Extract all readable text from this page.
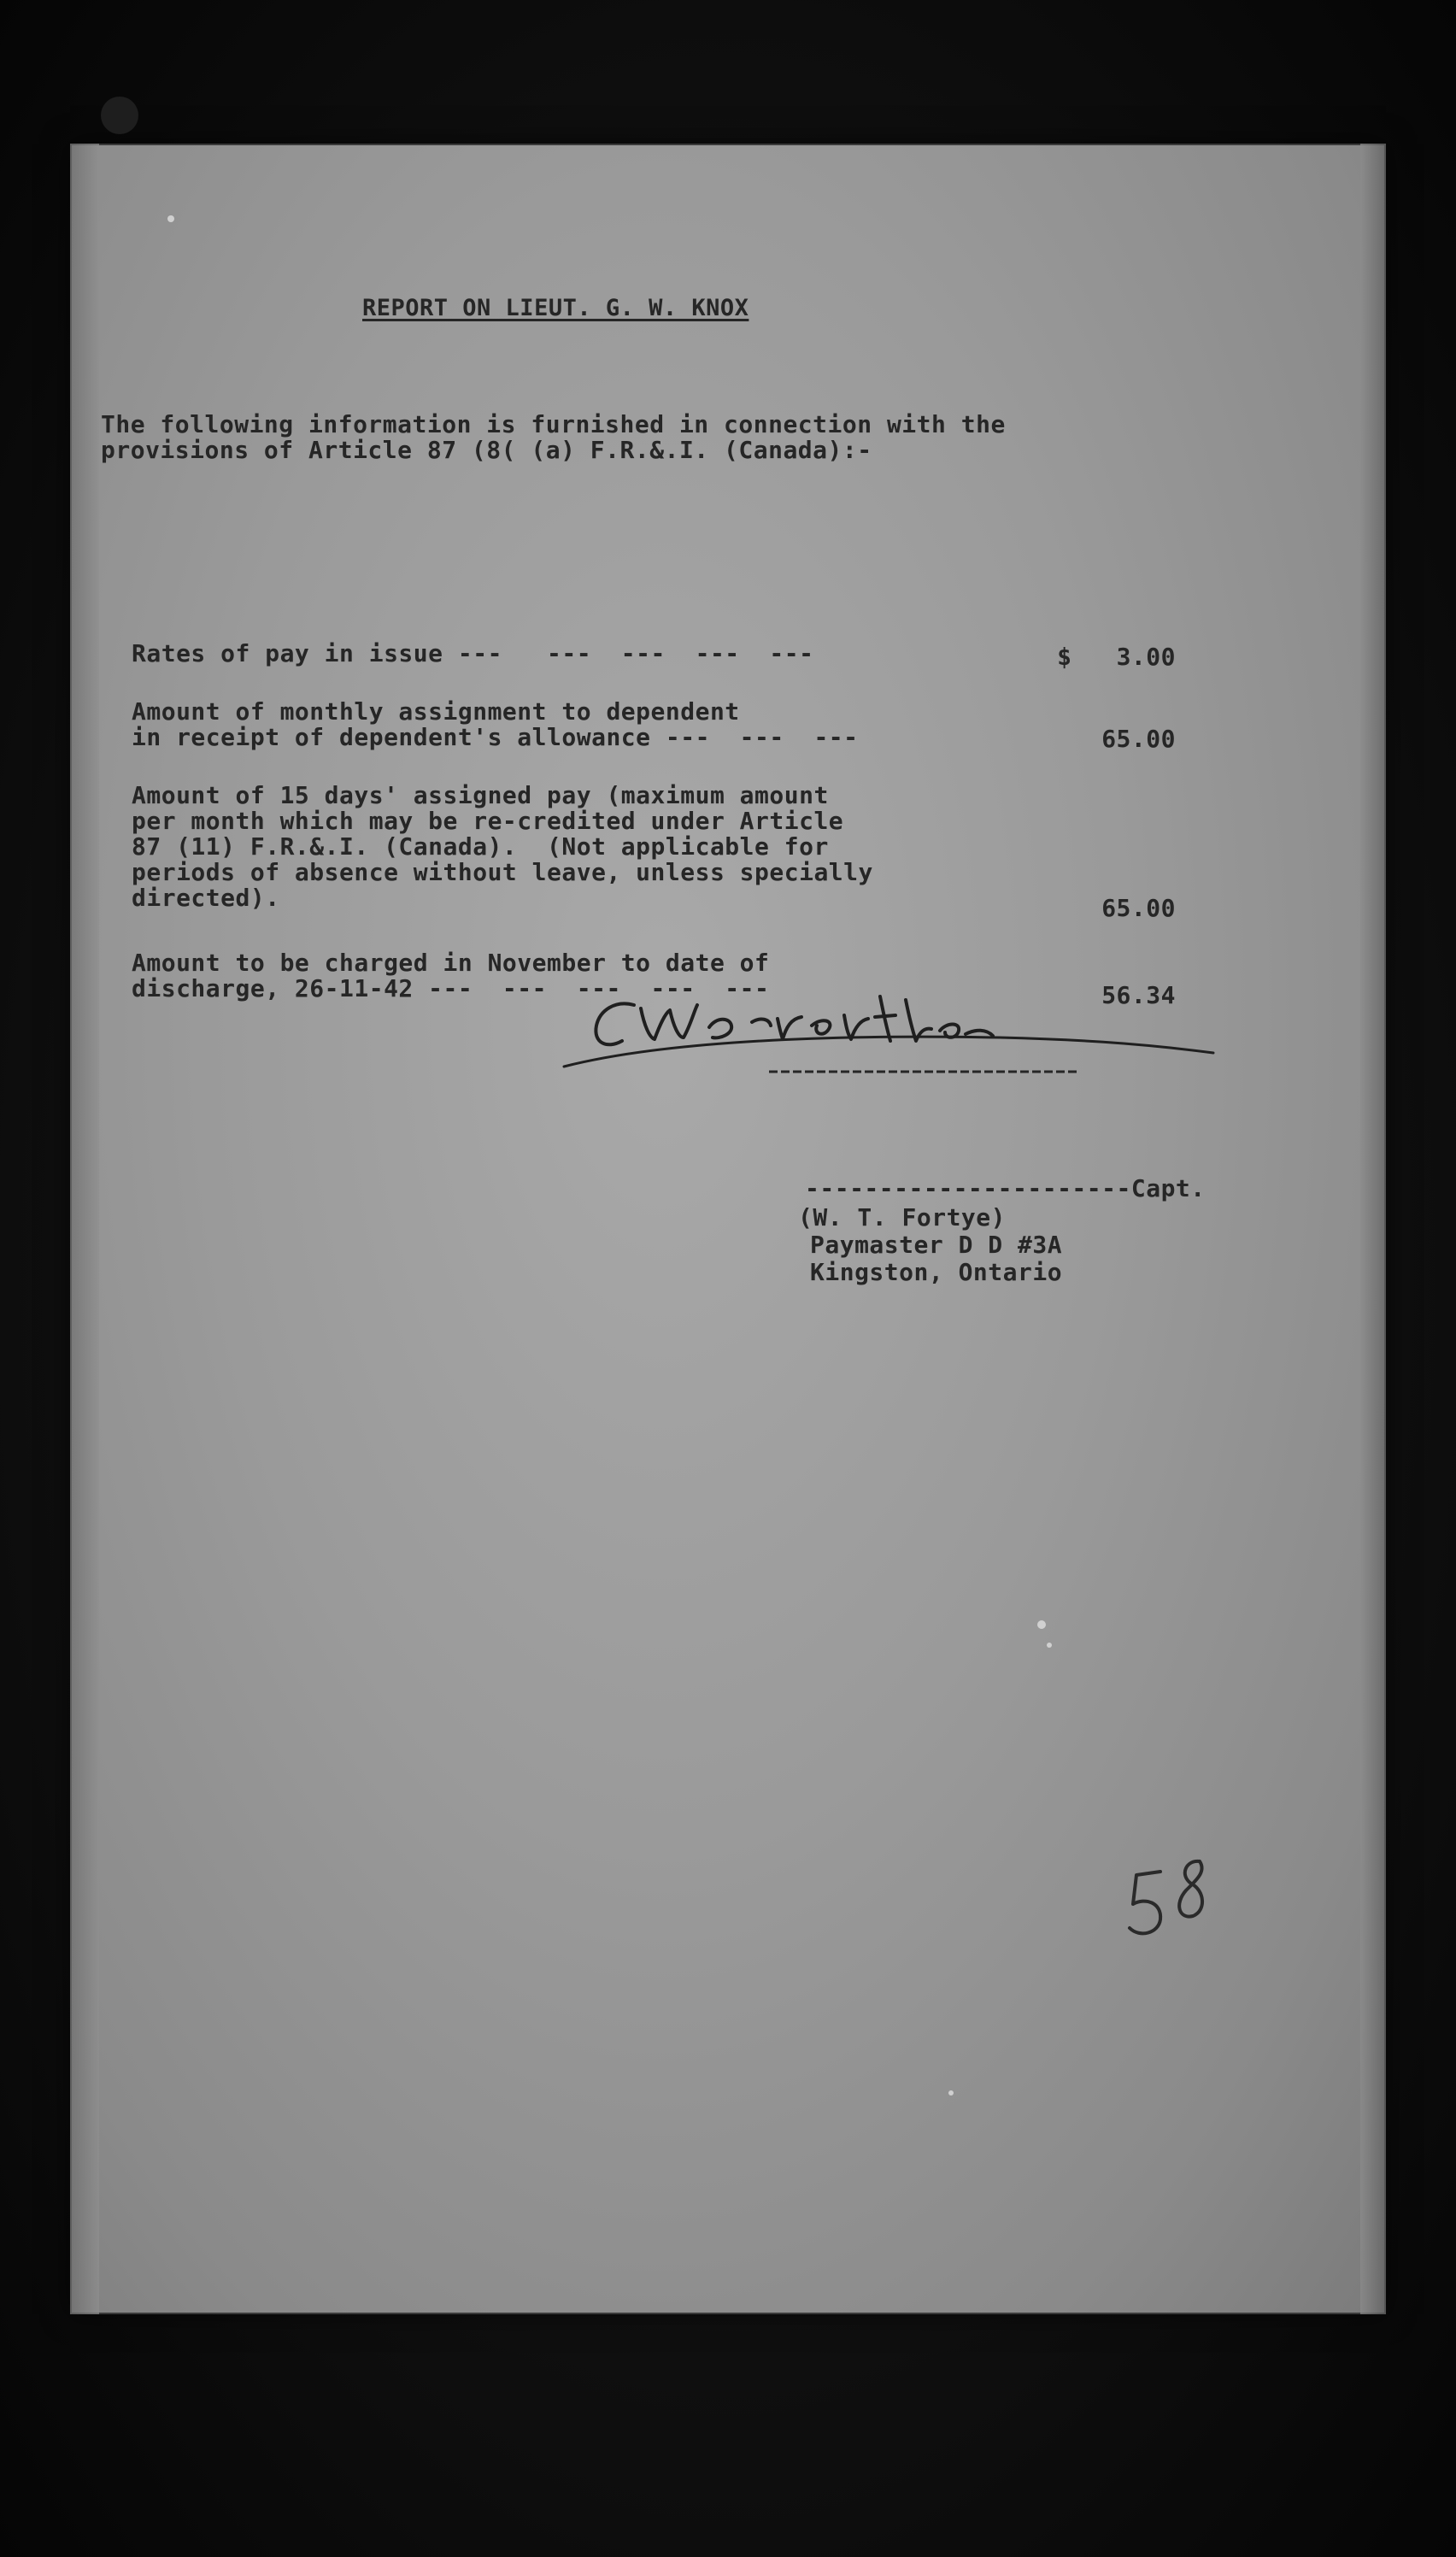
REPORT ON LIEUT. G. W. KNOX
The following information is furnished in connection with the
provisions of Article 87 (8( (a) F.R.&.I. (Canada):-
Rates of pay in issue ---   ---  ---  ---  ---	$   3.00
Amount of monthly assignment to dependent
in receipt of dependent's allowance ---  ---  ---	65.00
Amount of 15 days' assigned pay (maximum amount
per month which may be re-credited under Article
87 (11) F.R.&.I. (Canada).  (Not applicable for
periods of absence without leave, unless specially
directed).	65.00
Amount to be charged in November to date of
discharge, 26-11-42 ---  ---  ---  ---  ---	56.34
----------------------Capt.
(W. T. Fortye)
Paymaster D D #3A
Kingston, Ontario
